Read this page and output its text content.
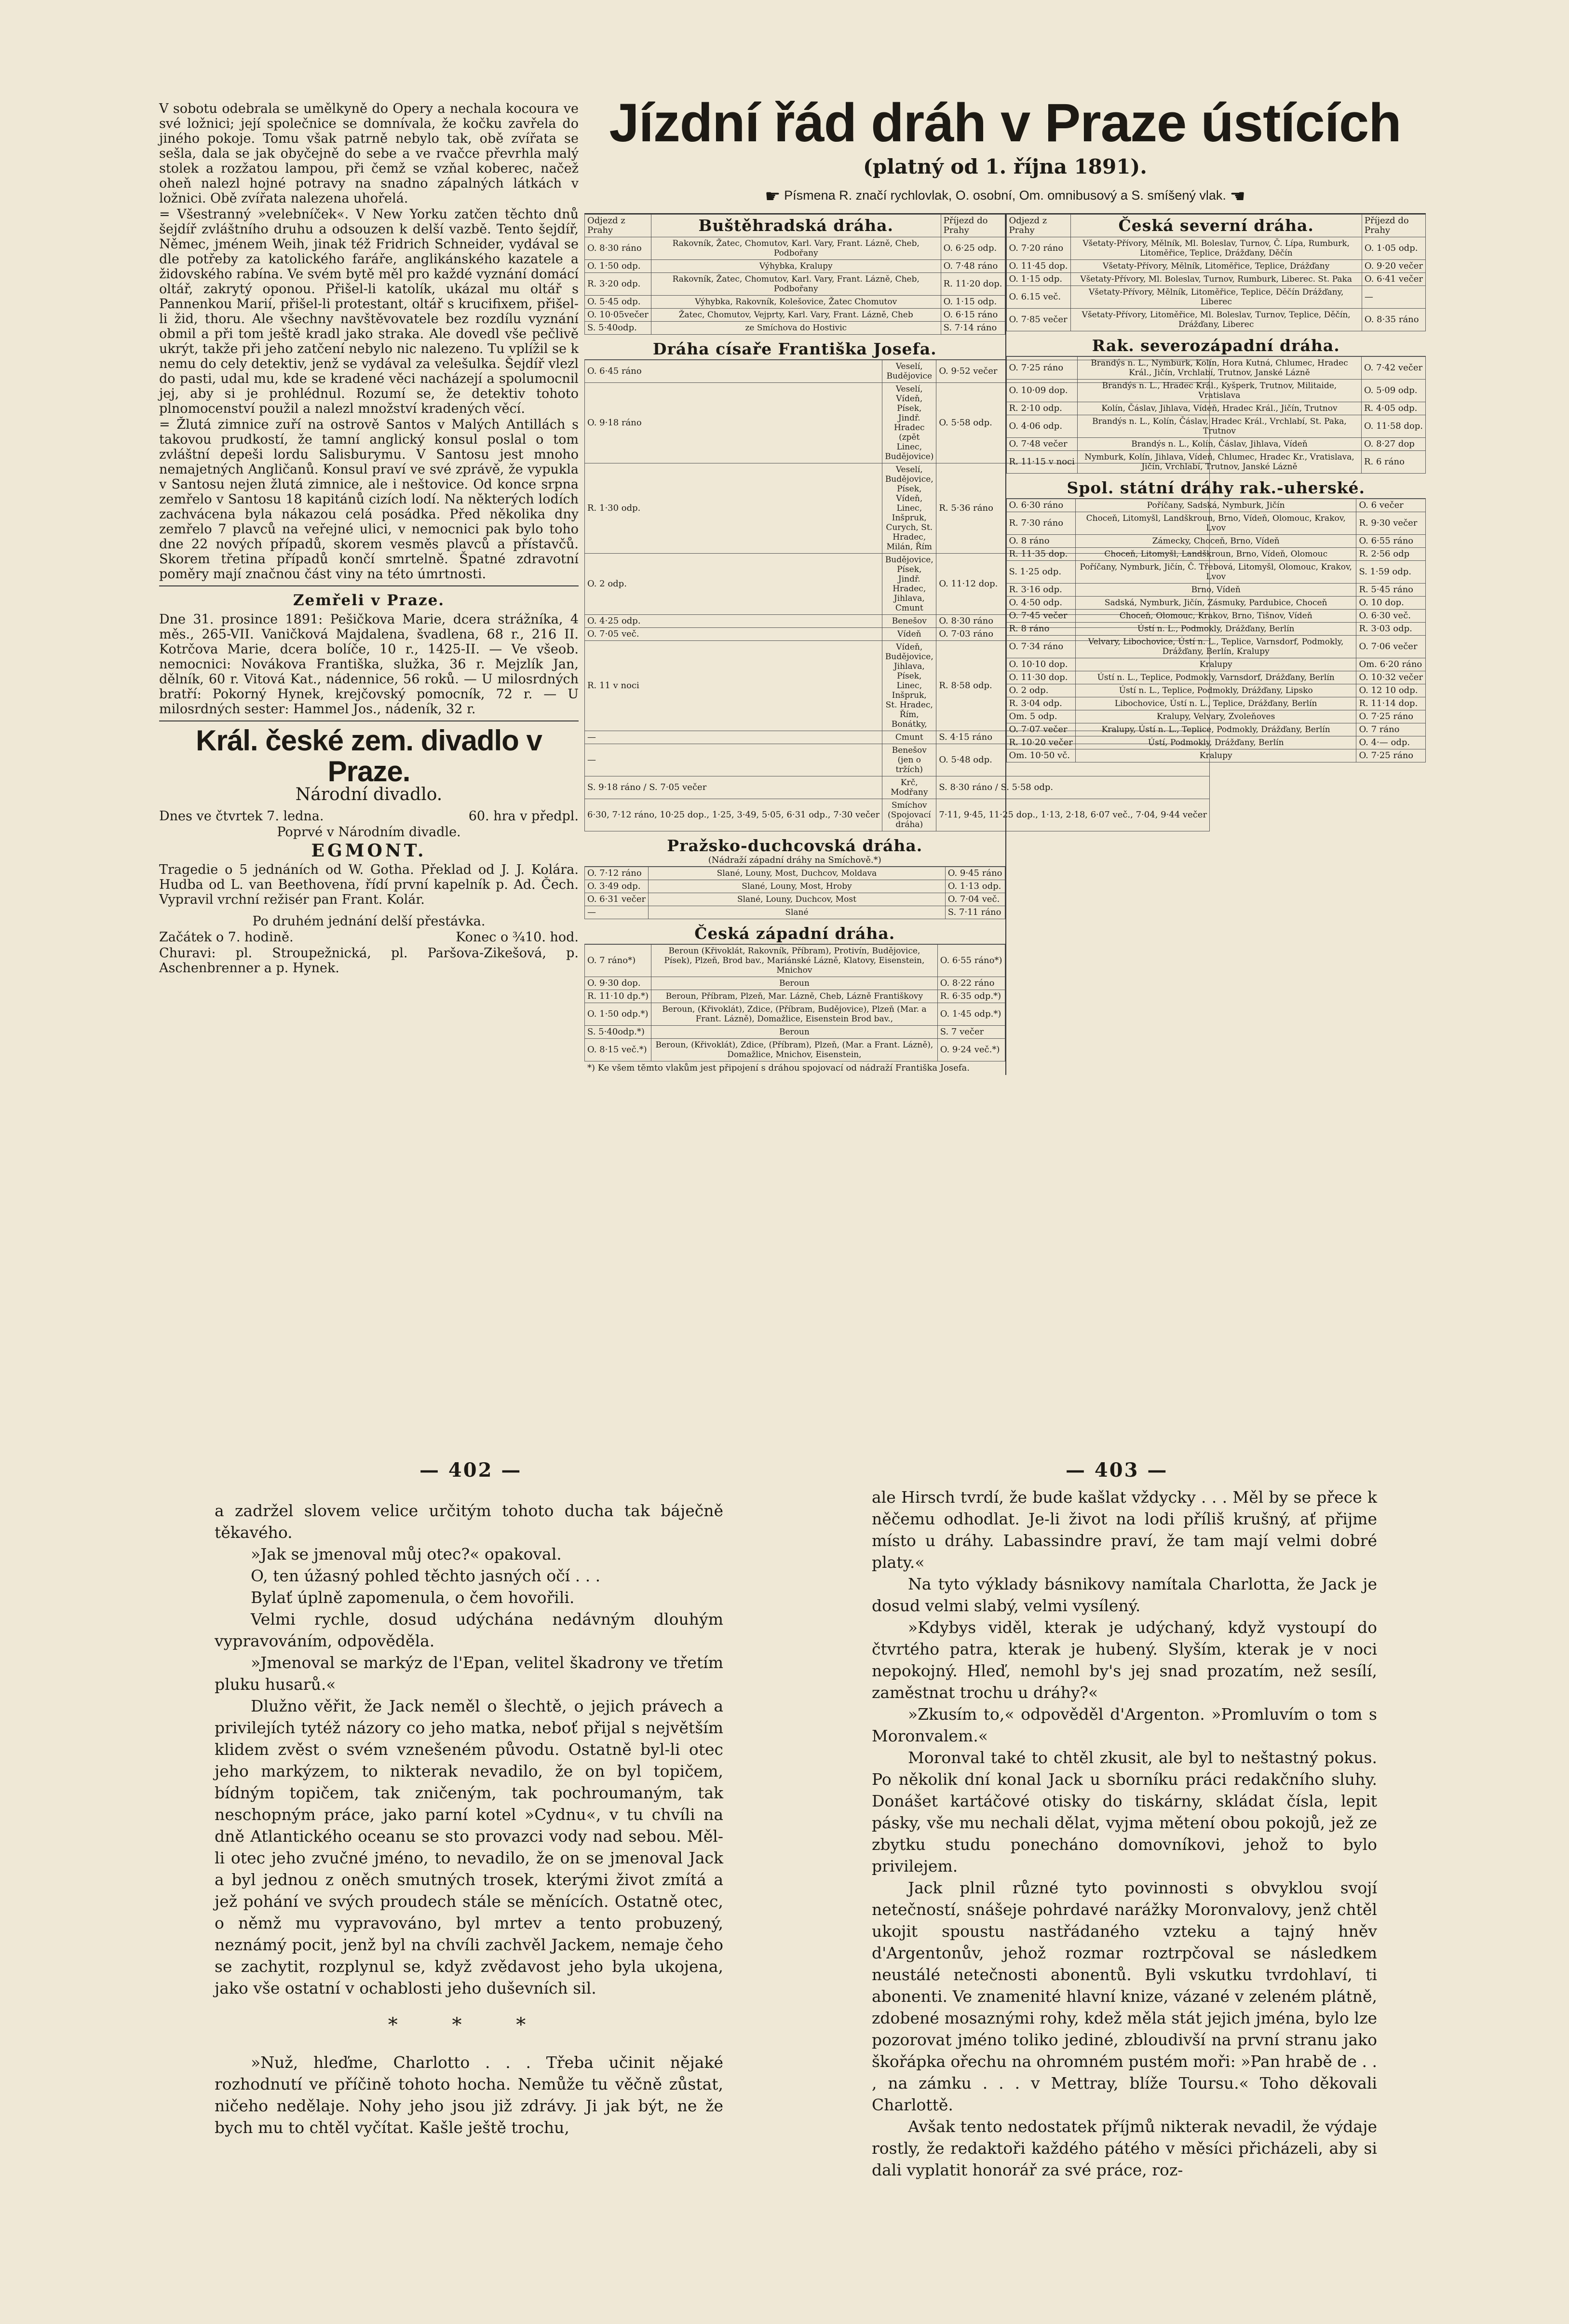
V sobotu odebrala se umělkyně do Opery a nechala kocoura ve své ložnici; její společnice se domnívala, že kočku zavřela do jiného pokoje. Tomu však patrně nebylo tak, obě zvířata se sešla, dala se jak obyčejně do sebe a ve rvačce převrhla malý stolek a rozžatou lampou, při čemž se vzňal koberec, načež oheň nalezl hojné potravy na snadno zápalných látkách v ložnici. Obě zvířata nalezena uhořelá.

= Všestranný »velebníček«. V New Yorku zatčen těchto dnů šejdíř zvláštního druhu a odsouzen k delší vazbě. Tento šejdíř, Němec, jménem Weih, jinak též Fridrich Schneider, vydával se dle potřeby za katolického faráře, anglikánského kazatele a židovského rabína. Ve svém bytě měl pro každé vyznání domácí oltář, zakrytý oponou. Přišel-li katolík, ukázal mu oltář s Pannenkou Marií, přišel-li protestant, oltář s krucifixem, přišel-li žid, thoru. Ale všechny navštěvovatele bez rozdílu vyznání obmil a při tom ještě kradl jako straka. Ale dovedl vše pečlivě ukrýt, takže při jeho zatčení nebylo nic nalezeno. Tu vplížil se k nemu do cely detektiv, jenž se vydával za velešulka. Šejdíř vlezl do pasti, udal mu, kde se kradené věci nacházejí a spolumocnil jej, aby si je prohlédnul. Rozumí se, že detektiv tohoto plnomocenství použil a nalezl množství kradených věcí.

= Žlutá zimnice zuří na ostrově Santos v Malých Antillách s takovou prudkostí, že tamní anglický konsul poslal o tom zvláštní depeši lordu Salisburymu. V Santosu jest mnoho nemajetných Angličanů. Konsul praví ve své zprávě, že vypukla v Santosu nejen žlutá zimnice, ale i neštovice. Od konce srpna zemřelo v Santosu 18 kapitánů cizích lodí. Na některých lodích zachvácena byla nákazou celá posádka. Před několika dny zemřelo 7 plavců na veřejné ulici, v nemocnici pak bylo toho dne 22 nových případů, skorem vesměs plavců a přístavčů. Skorem třetina případů končí smrtelně. Špatné zdravotní poměry mají značnou část viny na této úmrtnosti.

Zemřeli v Praze.

Dne 31. prosince 1891: Pešičkova Marie, dcera strážníka, 4 měs., 265-VII. Vaničková Majdalena, švadlena, 68 r., 216 II. Kotrčova Marie, dcera bolíče, 10 r., 1425-II. — Ve všeob. nemocnici: Novákova Františka, služka, 36 r. Mejzlík Jan, dělník, 60 r. Vitová Kat., nádennice, 56 roků. — U milosrdných bratří: Pokorný Hynek, krejčovský pomocník, 72 r. — U milosrdných sester: Hammel Jos., nádeník, 32 r.

Král. české zem. divadlo v Praze.
Národní divadlo.

Dnes ve čtvrtek 7. ledna.	60. hra v předpl.

Poprvé v Národním divadle.

EGMONT.

Tragedie o 5 jednáních od W. Gotha. Překlad od J. J. Kolára. Hudba od L. van Beethovena, řídí první kapelník p. Ad. Čech. Vypravil vrchní režisér pan Frant. Kolár.

Po druhém jednání delší přestávka.

Začátek o 7. hodině.	Konec o ¾10. hod.

Churavi: pl. Stroupežnická, pl. Paršova-Zikešová, p. Aschenbrenner a p. Hynek.

Jízdní řád dráh v Praze ústících
(platný od 1. října 1891).
☛ Písmena R. značí rychlovlak, O. osobní, Om. omnibusový a S. smíšený vlak. ☚
Odjezd z Prahy	Buštěhradská dráha.	Příjezd do Prahy
O. 8·30 ráno	Rakovník, Žatec, Chomutov, Karl. Vary, Frant. Lázně, Cheb, Podbořany	O. 6·25 odp.
O. 1·50 odp.	Výhybka, Kralupy	O. 7·48 ráno
R. 3·20 odp.	Rakovník, Žatec, Chomutov, Karl. Vary, Frant. Lázně, Cheb, Podbořany	R. 11·20 dop.
O. 5·45 odp.	Výhybka, Rakovník, Kolešovice, Žatec Chomutov	O. 1·15 odp.
O. 10·05večer	Žatec, Chomutov, Vejprty, Karl. Vary, Frant. Lázně, Cheb	O. 6·15 ráno
S. 5·40odp.	ze Smíchova do Hostivic	S. 7·14 ráno
Dráha císaře Františka Josefa.
O. 6·45 ráno	Veselí, Budějovice	O. 9·52 večer
O. 9·18 ráno	Veselí, Vídeň, Písek, Jindř. Hradec (zpět Linec, Budějovice)	O. 5·58 odp.
R. 1·30 odp.	Veselí, Budějovice, Písek, Vídeň, Linec, Inšpruk, Curych, St. Hradec, Milán, Řím	R. 5·36 ráno
O. 2 odp.	Budějovice, Písek, Jindř. Hradec, Jihlava, Cmunt	O. 11·12 dop.
O. 4·25 odp.	Benešov	O. 8·30 ráno
O. 7·05 več.	Vídeň	O. 7·03 ráno
R. 11 v noci	Vídeň, Budějovice, Jihlava, Písek, Linec, Inšpruk, St. Hradec, Řím, Bonátky,	R. 8·58 odp.
—	Cmunt	S. 4·15 ráno
—	Benešov (jen o tržích)	O. 5·48 odp.
S. 9·18 ráno / S. 7·05 večer	Krč, Modřany	S. 8·30 ráno / S. 5·58 odp.
6·30, 7·12 ráno, 10·25 dop., 1·25, 3·49, 5·05, 6·31 odp., 7·30 večer	Smíchov (Spojovací dráha)	7·11, 9·45, 11·25 dop., 1·13, 2·18, 6·07 več., 7·04, 9·44 večer
Pražsko-duchcovská dráha.
(Nádraží západní dráhy na Smíchově.*)
O. 7·12 ráno	Slané, Louny, Most, Duchcov, Moldava	O. 9·45 ráno
O. 3·49 odp.	Slané, Louny, Most, Hroby	O. 1·13 odp.
O. 6·31 večer	Slané, Louny, Duchcov, Most	O. 7·04 več.
—	Slané	S. 7·11 ráno
Česká západní dráha.
O. 7 ráno*)	Beroun (Křivoklát, Rakovník, Příbram), Protivín, Budějovice, Písek), Plzeň, Brod bav., Mariánské Lázně, Klatovy, Eisenstein, Mnichov	O. 6·55 ráno*)
O. 9·30 dop.	Beroun	O. 8·22 ráno
R. 11·10 dp.*)	Beroun, Příbram, Plzeň, Mar. Lázně, Cheb, Lázně Františkovy	R. 6·35 odp.*)
O. 1·50 odp.*)	Beroun, (Křivoklát), Zdice, (Příbram, Budějovice), Plzeň (Mar. a Frant. Lázně), Domažlice, Eisenstein Brod bav.,	O. 1·45 odp.*)
S. 5·40odp.*)	Beroun	S. 7 večer
O. 8·15 več.*)	Beroun, (Křivoklát), Zdice, (Příbram), Plzeň, (Mar. a Frant. Lázně), Domažlice, Mnichov, Eisenstein,	O. 9·24 več.*)
*) Ke všem těmto vlakům jest připojení s dráhou spojovací od nádraží Františka Josefa.
Odjezd z Prahy	Česká severní dráha.	Příjezd do Prahy
O. 7·20 ráno	Všetaty-Přívory, Mělník, Ml. Boleslav, Turnov, Č. Lípa, Rumburk, Litoměřice, Teplice, Drážďany, Děčín	O. 1·05 odp.
O. 11·45 dop.	Všetaty-Přívory, Mělník, Litoměřice, Teplice, Drážďany	O. 9·20 večer
O. 1·15 odp.	Všetaty-Přívory, Ml. Boleslav, Turnov, Rumburk, Liberec. St. Paka	O. 6·41 večer
O. 6.15 več.	Všetaty-Přívory, Mělník, Litoměřice, Teplice, Děčín Drážďany, Liberec	—
O. 7·85 večer	Všetaty-Přívory, Litoměřice, Ml. Boleslav, Turnov, Teplice, Děčín, Drážďany, Liberec	O. 8·35 ráno
Rak. severozápadní dráha.
O. 7·25 ráno	Brandýs n. L., Nymburk, Kolín, Hora Kutná, Chlumec, Hradec Král., Jičín, Vrchlabí, Trutnov, Janské Lázně	O. 7·42 večer
O. 10·09 dop.	Brandýs n. L., Hradec Král., Kyšperk, Trutnov, Militaide, Vratislava	O. 5·09 odp.
R. 2·10 odp.	Kolín, Čáslav, Jihlava, Vídeň, Hradec Král., Jičín, Trutnov	R. 4·05 odp.
O. 4·06 odp.	Brandýs n. L., Kolín, Čáslav, Hradec Král., Vrchlabí, St. Paka, Trutnov	O. 11·58 dop.
O. 7·48 večer	Brandýs n. L., Kolín, Čáslav, Jihlava, Vídeň	O. 8·27 dop
R. 11·15 v noci	Nymburk, Kolín, Jihlava, Vídeň, Chlumec, Hradec Kr., Vratislava, Jičín, Vrchlabí, Trutnov, Janské Lázně	R. 6 ráno
Spol. státní dráhy rak.-uherské.
O. 6·30 ráno	Poříčany, Sadská, Nymburk, Jičín	O. 6 večer
R. 7·30 ráno	Choceň, Litomyšl, Landškroun, Brno, Vídeň, Olomouc, Krakov, Lvov	R. 9·30 večer
O. 8 ráno	Zámecky, Choceň, Brno, Vídeň	O. 6·55 ráno
R. 11·35 dop.	Choceň, Litomyšl, Landškroun, Brno, Vídeň, Olomouc	R. 2·56 odp
S. 1·25 odp.	Poříčany, Nymburk, Jičín, Č. Třebová, Litomyšl, Olomouc, Krakov, Lvov	S. 1·59 odp.
R. 3·16 odp.	Brno, Vídeň	R. 5·45 ráno
O. 4·50 odp.	Sadská, Nymburk, Jičín, Zásmuky, Pardubice, Choceň	O. 10 dop.
O. 7·45 večer	Choceň, Olomouc, Krakov, Brno, Tišnov, Vídeň	O. 6·30 več.
R. 8 ráno	Ústí n. L., Podmokly, Drážďany, Berlín	R. 3·03 odp.
O. 7·34 ráno	Velvary, Libochovice, Ústí n. L., Teplice, Varnsdorf, Podmokly, Drážďany, Berlín, Kralupy	O. 7·06 večer
O. 10·10 dop.	Kralupy	Om. 6·20 ráno
O. 11·30 dop.	Ústí n. L., Teplice, Podmokly, Varnsdorf, Drážďany, Berlín	O. 10·32 večer
O. 2 odp.	Ústí n. L., Teplice, Podmokly, Drážďany, Lipsko	O. 12 10 odp.
R. 3·04 odp.	Libochovice, Ústí n. L., Teplice, Drážďany, Berlín	R. 11·14 dop.
Om. 5 odp.	Kralupy, Velvary, Zvoleňoves	O. 7·25 ráno
O. 7·07 večer	Kralupy, Ústí n. L., Teplice, Podmokly, Drážďany, Berlín	O. 7 ráno
R. 10·20 večer	Ústí, Podmokly, Drážďany, Berlín	O. 4·— odp.
Om. 10·50 vč.	Kralupy	O. 7·25 ráno
— 402 —	— 403 —

a zadržel slovem velice určitým tohoto ducha tak báječně těkavého.

»Jak se jmenoval můj otec?« opakoval.

O, ten úžasný pohled těchto jasných očí . . .

Bylať úplně zapomenula, o čem hovořili.

Velmi rychle, dosud udýchána nedávným dlouhým vypravováním, odpověděla.

»Jmenoval se markýz de l'Epan, velitel škadrony ve třetím pluku husarů.«

Dlužno věřit, že Jack neměl o šlechtě, o jejich právech a privilejích tytéž názory co jeho matka, neboť přijal s největším klidem zvěst o svém vznešeném původu. Ostatně byl-li otec jeho markýzem, to nikterak nevadilo, že on byl topičem, bídným topičem, tak zničeným, tak pochroumaným, tak neschopným práce, jako parní kotel »Cydnu«, v tu chvíli na dně Atlantického oceanu se sto provazci vody nad sebou. Měl-li otec jeho zvučné jméno, to nevadilo, že on se jmenoval Jack a byl jednou z oněch smutných trosek, kterými život zmítá a jež pohání ve svých proudech stále se měnících. Ostatně otec, o němž mu vypravováno, byl mrtev a tento probuzený, neznámý pocit, jenž byl na chvíli zachvěl Jackem, nemaje čeho se zachytit, rozplynul se, když zvědavost jeho byla ukojena, jako vše ostatní v ochablosti jeho duševních sil.

* * *

»Nuž, hleďme, Charlotto . . . Třeba učinit nějaké rozhodnutí ve příčině tohoto hocha. Nemůže tu věčně zůstat, ničeho nedělaje. Nohy jeho jsou již zdrávy. Ji jak být, ne že bych mu to chtěl vyčítat. Kašle ještě trochu,

ale Hirsch tvrdí, že bude kašlat vždycky . . . Měl by se přece k něčemu odhodlat. Je-li život na lodi příliš krušný, ať přijme místo u dráhy. Labassindre praví, že tam mají velmi dobré platy.«

Na tyto výklady básnikovy namítala Charlotta, že Jack je dosud velmi slabý, velmi vysílený.

»Kdybys viděl, kterak je udýchaný, když vystoupí do čtvrtého patra, kterak je hubený. Slyším, kterak je v noci nepokojný. Hleď, nemohl by's jej snad prozatím, než sesílí, zaměstnat trochu u dráhy?«

»Zkusím to,« odpověděl d'Argenton. »Promluvím o tom s Moronvalem.«

Moronval také to chtěl zkusit, ale byl to neštastný pokus. Po několik dní konal Jack u sborníku práci redakčního sluhy. Donášet kartáčové otisky do tiskárny, skládat čísla, lepit pásky, vše mu nechali dělat, vyjma mětení obou pokojů, jež ze zbytku studu ponecháno domovníkovi, jehož to bylo privilejem.

Jack plnil různé tyto povinnosti s obvyklou svojí netečností, snášeje pohrdavé narážky Moronvalovy, jenž chtěl ukojit spoustu nastřádaného vzteku a tajný hněv d'Argentonův, jehož rozmar roztrpčoval se následkem neustálé netečnosti abonentů. Byli vskutku tvrdohlaví, ti abonenti. Ve znamenité hlavní knize, vázané v zeleném plátně, zdobené mosaznými rohy, kdež měla stát jejich jména, bylo lze pozorovat jméno toliko jediné, zbloudivší na první stranu jako škořápka ořechu na ohromném pustém moři: »Pan hrabě de . . , na zámku . . . v Mettray, blíže Toursu.« Toho děkovali Charlottě.

Avšak tento nedostatek příjmů nikterak nevadil, že výdaje rostly, že redaktoři každého pátého v měsíci přicházeli, aby si dali vyplatit honorář za své práce, roz-
